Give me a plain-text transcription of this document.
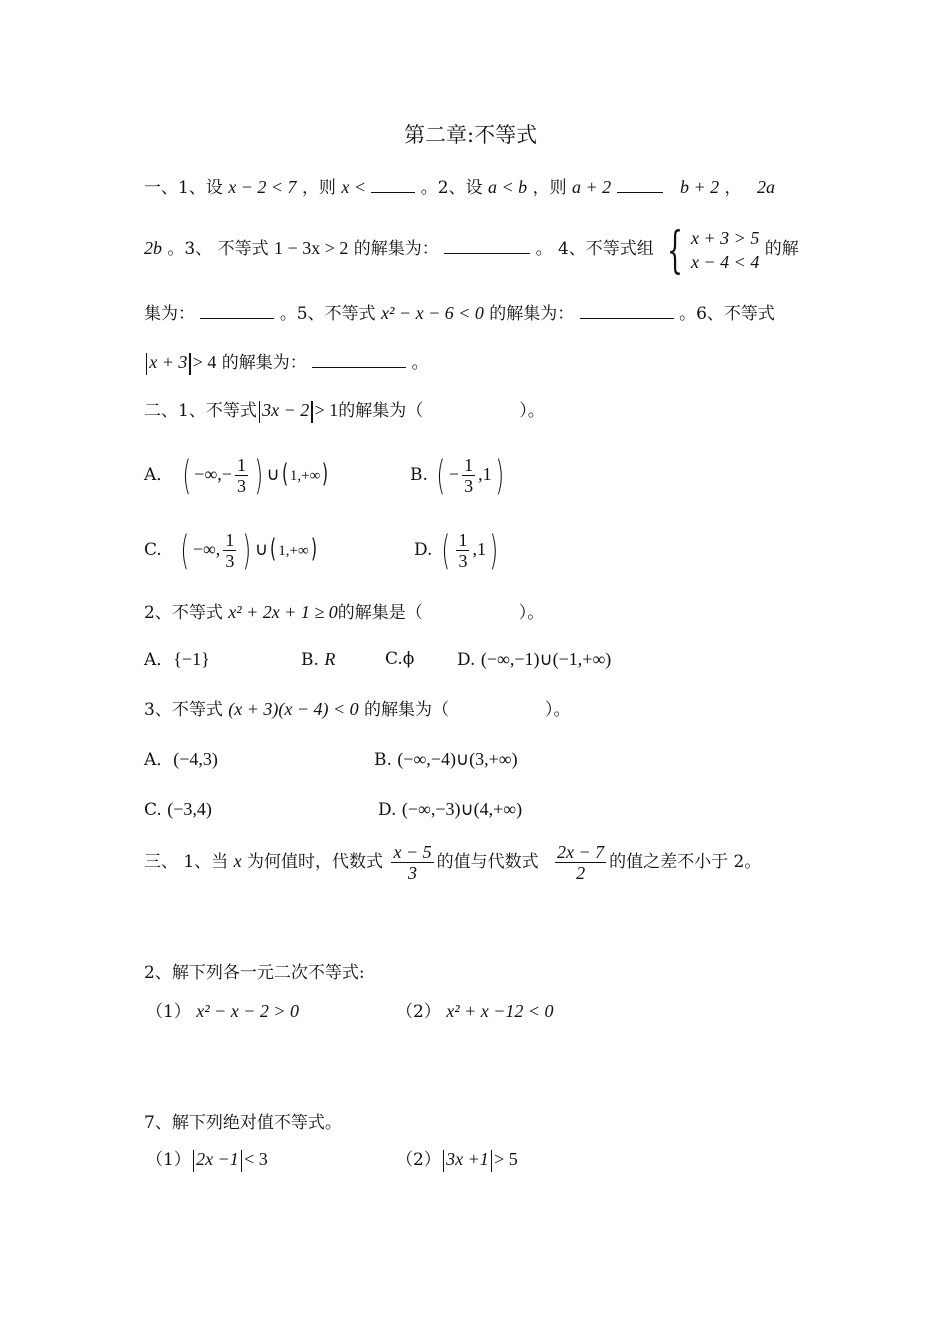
第二章:不等式
一、1、设 x − 2 < 7 ，则 x <	。2、设 a < b ，则 a + 2	b + 2 ， 2a
2b 。3、 不等式 1 − 3x > 2 的解集为：	。 4、不等式组 { x + 3 > 5
x − 4 < 4
的解
集为：	。5、不等式 x² − x − 6 < 0 的解集为：	。6、不等式
x + 3 > 4 的解集为：	。
二、1、不等式 3x − 2 > 1的解集为（	）。
A． ( −∞,− $\frac{1}{3}$ ) ∪( 1,+∞)	B. ( − $\frac{1}{3} ,1$)
C. ( −∞, $\frac{1}{3}$ ) ∪( 1,+∞)	D. ( $\frac{1}{3} ,1$)
2、不等式 x² + 2x + 1 ≥ 0的解集是（	）。
A．{−1}	B. R	C.ϕ	D. (−∞,−1)∪(−1,+∞)
3、不等式 (x + 3)(x − 4) < 0 的解集为（	）。
A．(−4,3)	B. (−∞,−4)∪(3,+∞)
C. (−3,4)	D. (−∞,−3)∪(4,+∞)
三、 1、当 x 为何值时，代数式 $\frac{x - 5}{3}$ 的值与代数式 $\frac{2x - 7}{2}$ 的值之差不小于 2。
2、解下列各一元二次不等式:
（1） x² − x − 2 > 0	（2） x² + x −12 < 0
7、解下列绝对值不等式。
（1） 2x −1 < 3	（2） 3x +1 > 5
